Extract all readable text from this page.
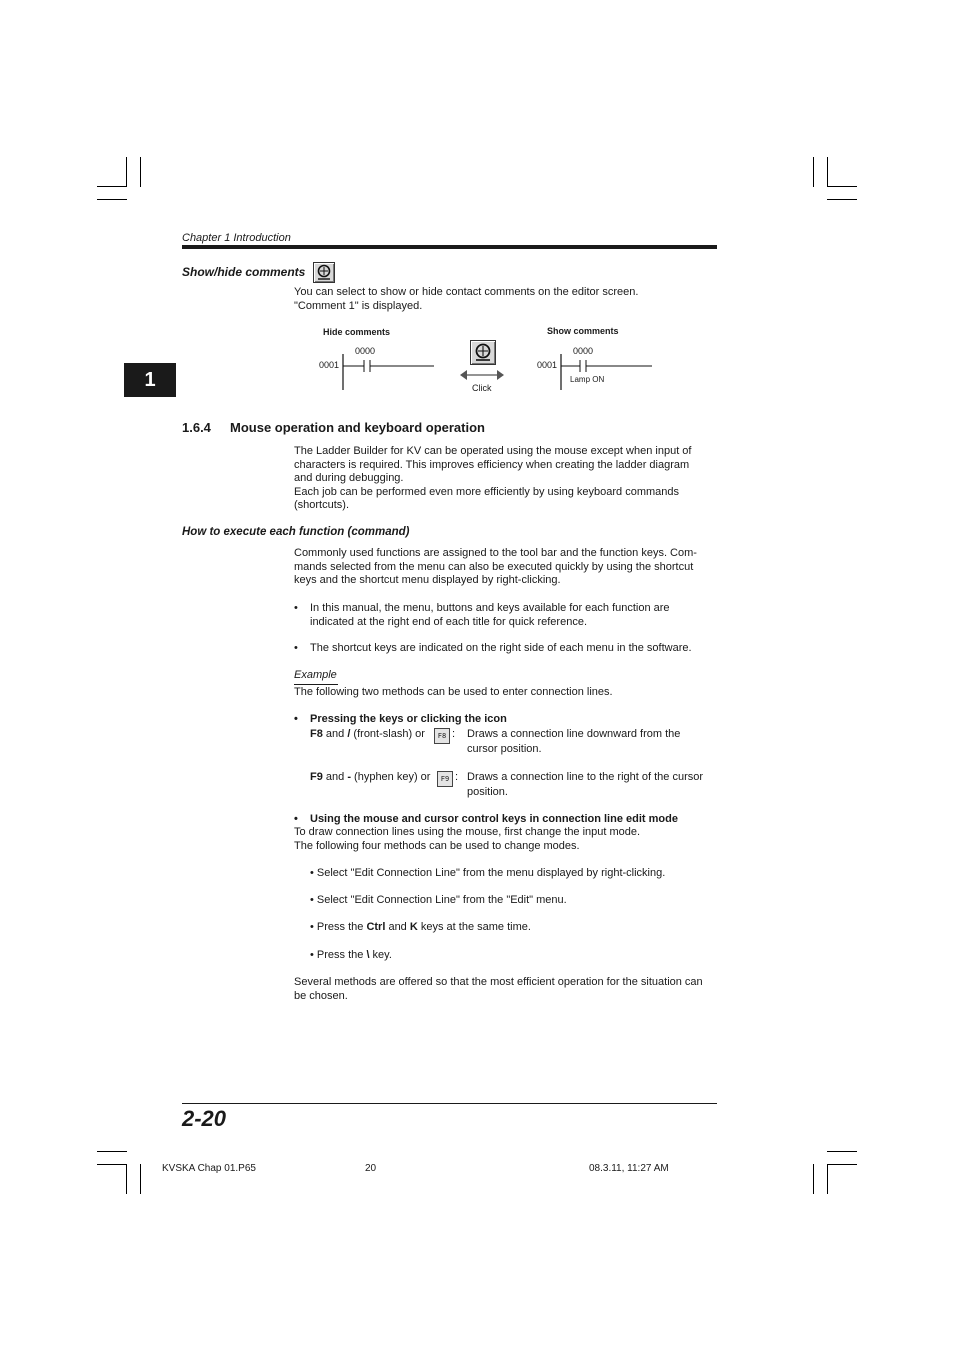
Chapter 1 Introduction
1
Show/hide comments
You can select to show or hide contact comments on the editor screen.
"Comment 1" is displayed.
Hide comments	Show comments
0000
0001
Click
0000
0001
Lamp ON
1.6.4 Mouse operation and keyboard operation
The Ladder Builder for KV can be operated using the mouse except when input of
characters is required. This improves efficiency when creating the ladder diagram
and during debugging.
Each job can be performed even more efficiently by using keyboard commands
(shortcuts).
How to execute each function (command)
Commonly used functions are assigned to the tool bar and the function keys. Com-
mands selected from the menu can also be executed quickly by using the shortcut
keys and the shortcut menu displayed by right-clicking.
• In this manual, the menu, buttons and keys available for each function are
indicated at the right end of each title for quick reference.
• The shortcut keys are indicated on the right side of each menu in the software.
Example
The following two methods can be used to enter connection lines.
• Pressing the keys or clicking the icon
F8 and / (front-slash) or	F8 : Draws a connection line downward from the
cursor position.
F9 and - (hyphen key) or	F9 : Draws a connection line to the right of the cursor
position.
• Using the mouse and cursor control keys in connection line edit mode
To draw connection lines using the mouse, first change the input mode.
The following four methods can be used to change modes.
• Select "Edit Connection Line" from the menu displayed by right-clicking.
• Select "Edit Connection Line" from the "Edit" menu.
• Press the Ctrl and K keys at the same time.
• Press the \ key.
Several methods are offered so that the most efficient operation for the situation can
be chosen.
2-20
KVSKA Chap 01.P65	20	08.3.11, 11:27 AM
